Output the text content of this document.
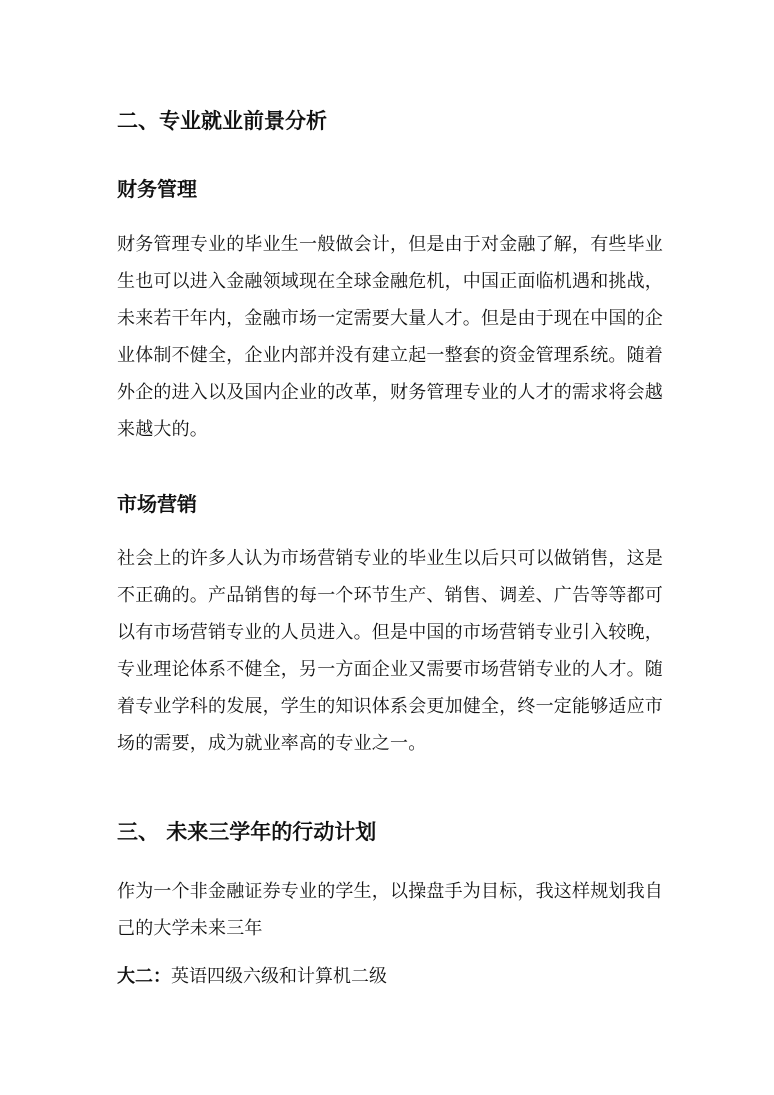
二、专业就业前景分析
财务管理

财务管理专业的毕业生一般做会计，但是由于对金融了解，有些毕业
生也可以进入金融领域现在全球金融危机，中国正面临机遇和挑战，
未来若干年内，金融市场一定需要大量人才。但是由于现在中国的企
业体制不健全，企业内部并没有建立起一整套的资金管理系统。随着
外企的进入以及国内企业的改革，财务管理专业的人才的需求将会越
来越大的。

市场营销

社会上的许多人认为市场营销专业的毕业生以后只可以做销售，这是
不正确的。产品销售的每一个环节生产、销售、调差、广告等等都可
以有市场营销专业的人员进入。但是中国的市场营销专业引入较晚，
专业理论体系不健全，另一方面企业又需要市场营销专业的人才。随
着专业学科的发展，学生的知识体系会更加健全，终一定能够适应市
场的需要，成为就业率高的专业之一。

三、 未来三学年的行动计划

作为一个非金融证券专业的学生，以操盘手为目标，我这样规划我自
己的大学未来三年

大二：英语四级六级和计算机二级
